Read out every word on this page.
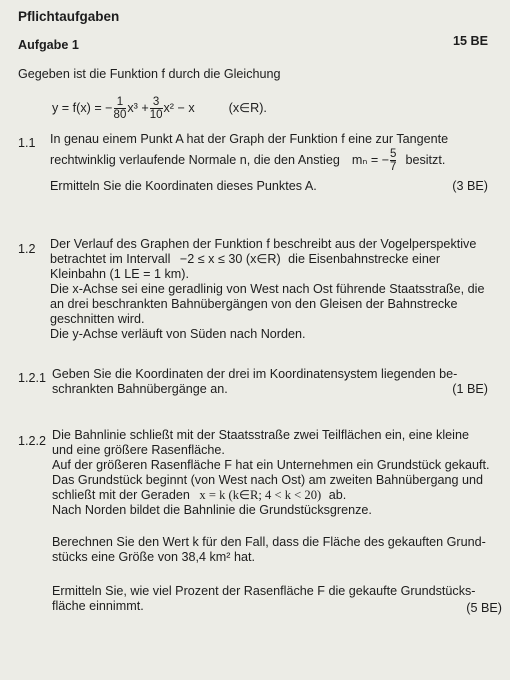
Pflichtaufgaben
Aufgabe 1	15 BE
Gegeben ist die Funktion f durch die Gleichung
y = f(x) = − $\frac{1}{80} x^3 + \frac{3}{10} x^2 - x$	(x∈R).
1.1 In genau einem Punkt A hat der Graph der Funktion f eine zur Tangente
rechtwinklig verlaufende Normale n, die den Anstieg mₙ = − $\frac{5}{7}$ besitzt.
Ermitteln Sie die Koordinaten dieses Punktes A.	(3 BE)
1.2 Der Verlauf des Graphen der Funktion f beschreibt aus der Vogelperspektive
betrachtet im Intervall −2 ≤ x ≤ 30 (x∈R) die Eisenbahnstrecke einer
Kleinbahn (1 LE = 1 km).
Die x-Achse sei eine geradlinig von West nach Ost führende Staatsstraße, die
an drei beschrankten Bahnübergängen von den Gleisen der Bahnstrecke
geschnitten wird.
Die y-Achse verläuft von Süden nach Norden.
1.2.1 Geben Sie die Koordinaten der drei im Koordinatensystem liegenden be-
schrankten Bahnübergänge an.	(1 BE)
1.2.2 Die Bahnlinie schließt mit der Staatsstraße zwei Teilflächen ein, eine kleine
und eine größere Rasenfläche.
Auf der größeren Rasenfläche F hat ein Unternehmen ein Grundstück gekauft.
Das Grundstück beginnt (von West nach Ost) am zweiten Bahnübergang und
schließt mit der Geraden x = k (k∈R; 4 < k < 20) ab.
Nach Norden bildet die Bahnlinie die Grundstücksgrenze.
Berechnen Sie den Wert k für den Fall, dass die Fläche des gekauften Grund-
stücks eine Größe von 38,4 km² hat.
Ermitteln Sie, wie viel Prozent der Rasenfläche F die gekaufte Grundstücks-
fläche einnimmt.	(5 BE)
